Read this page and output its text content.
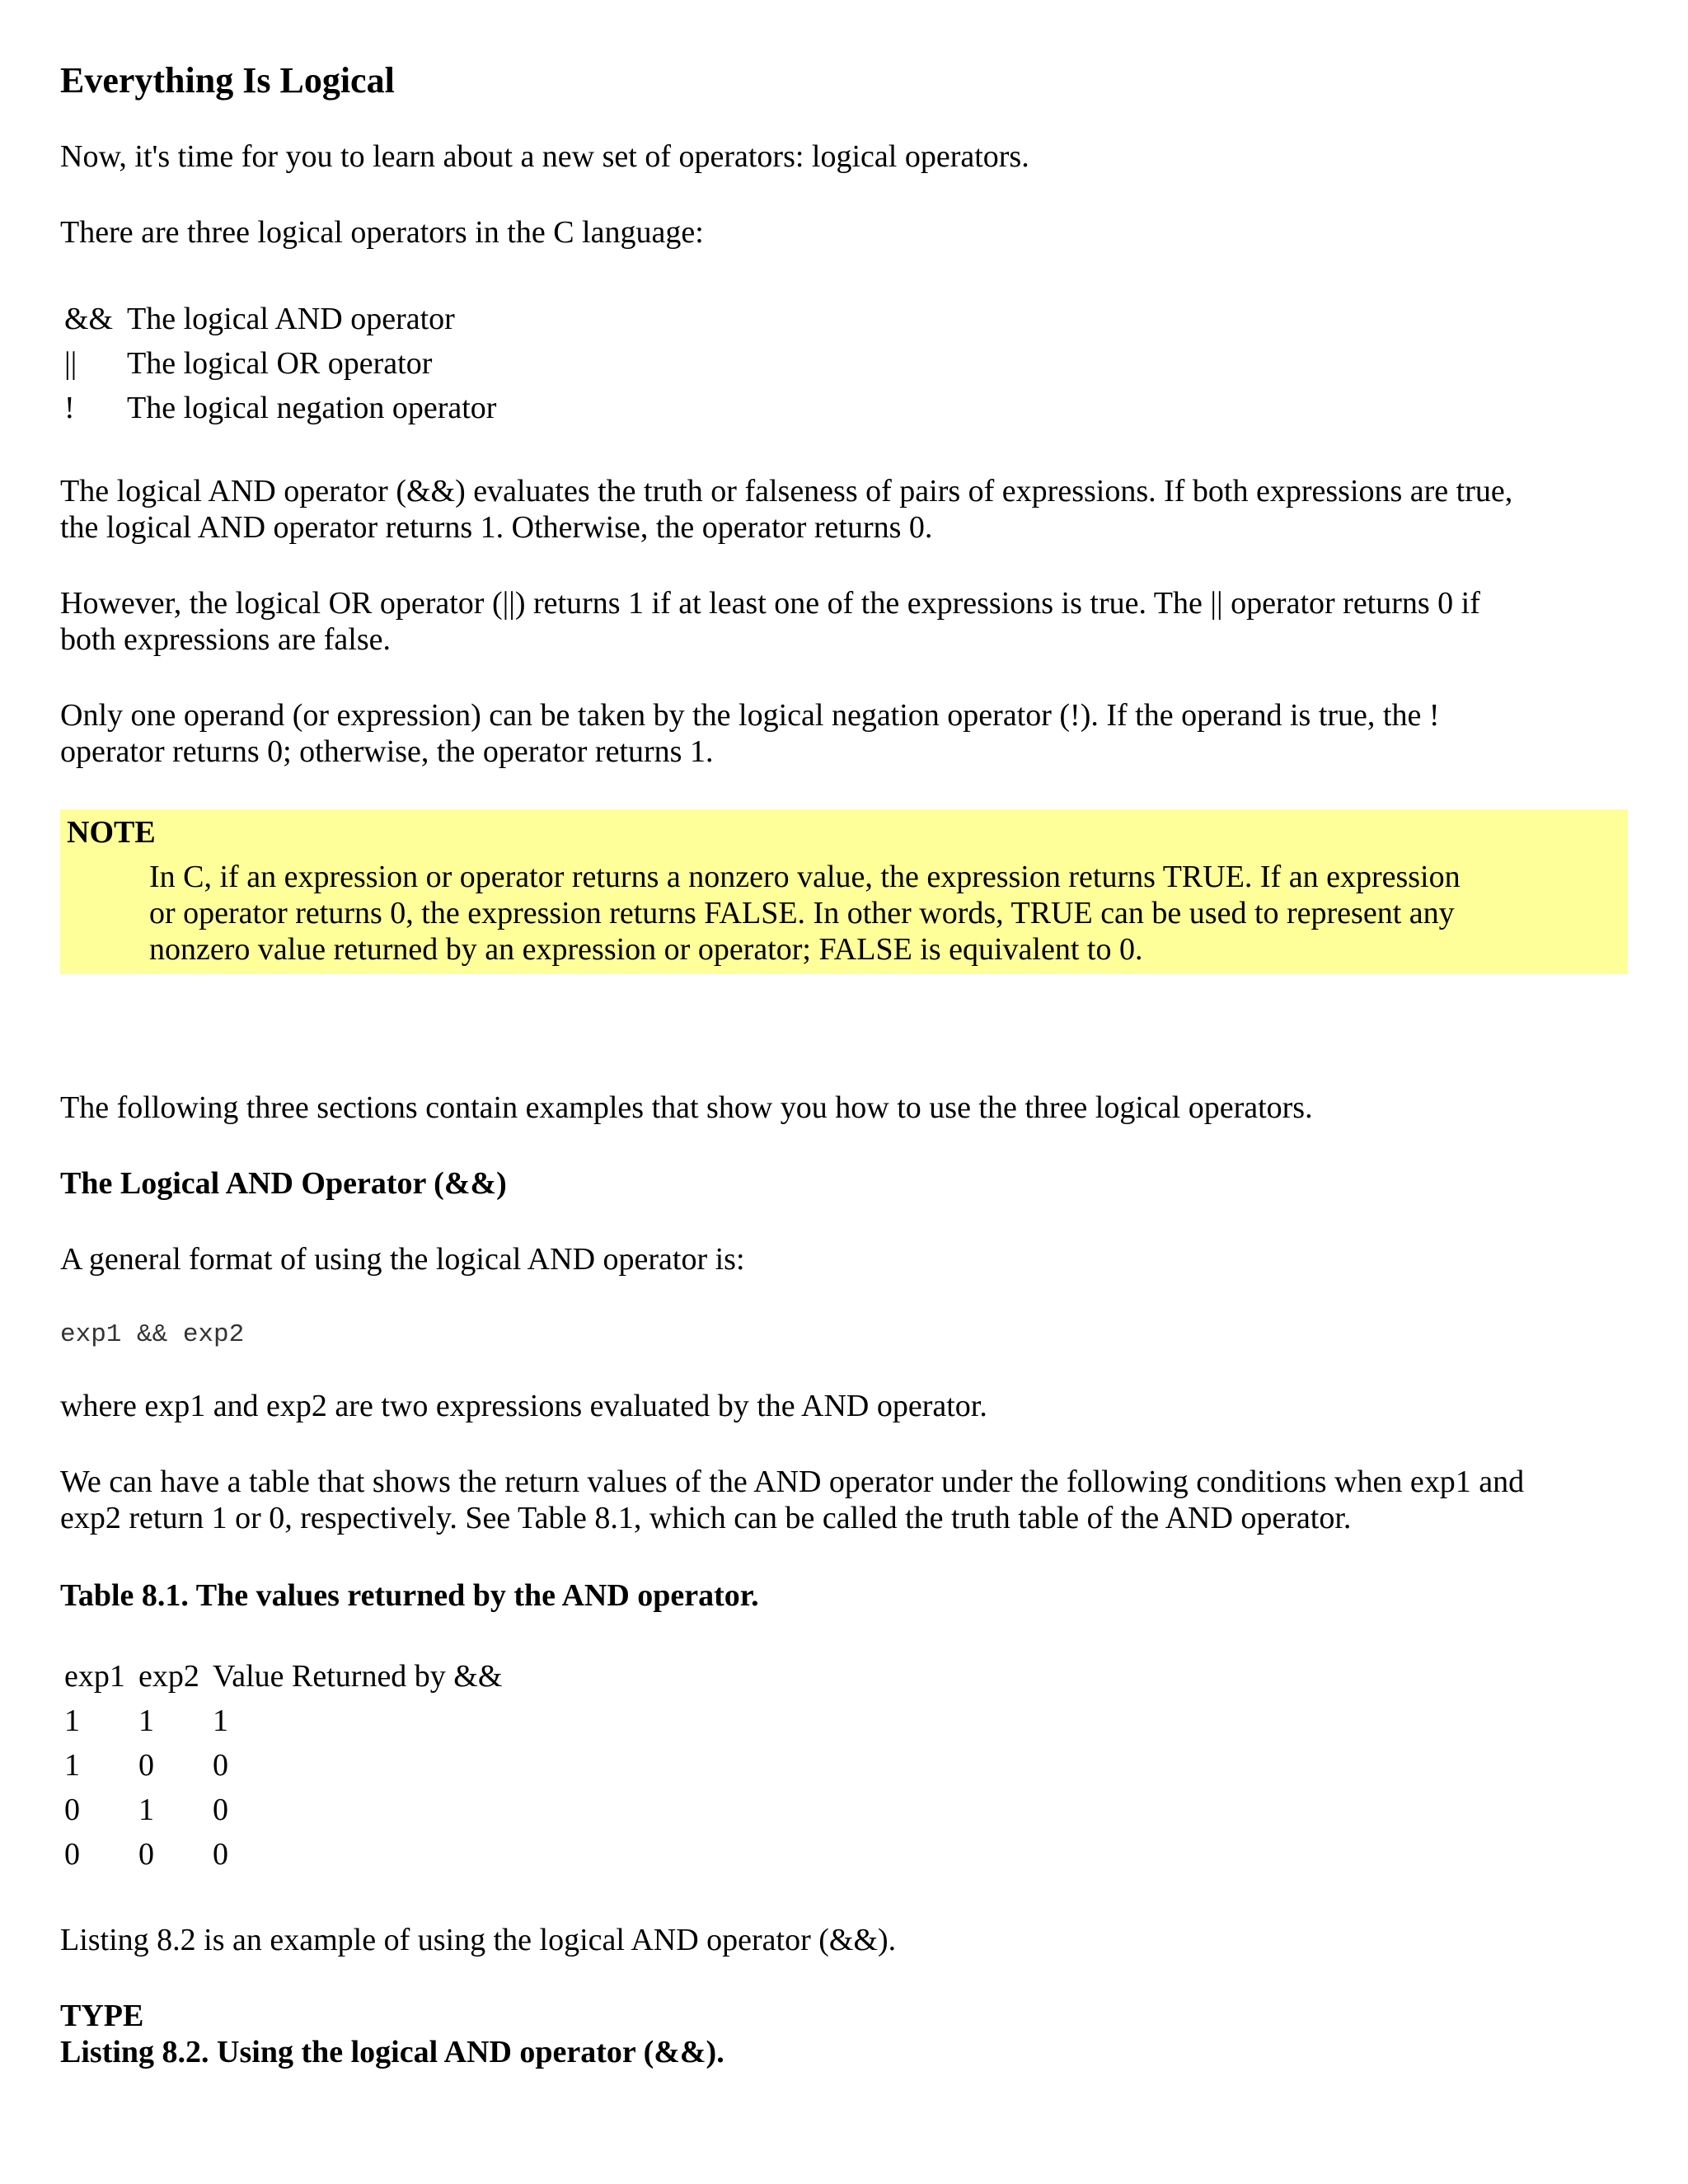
Everything Is Logical

Now, it's time for you to learn about a new set of operators: logical operators.

There are three logical operators in the C language:

&&	The logical AND operator
||	The logical OR operator
!	The logical negation operator
The logical AND operator (&&) evaluates the truth or falseness of pairs of expressions. If both expressions are true,
the logical AND operator returns 1. Otherwise, the operator returns 0.
However, the logical OR operator (||) returns 1 if at least one of the expressions is true. The || operator returns 0 if
both expressions are false.
Only one operand (or expression) can be taken by the logical negation operator (!). If the operand is true, the !
operator returns 0; otherwise, the operator returns 1.
NOTE
In C, if an expression or operator returns a nonzero value, the expression returns TRUE. If an expression
or operator returns 0, the expression returns FALSE. In other words, TRUE can be used to represent any
nonzero value returned by an expression or operator; FALSE is equivalent to 0.

The following three sections contain examples that show you how to use the three logical operators.

The Logical AND Operator (&&)

A general format of using the logical AND operator is:

exp1 && exp2

where exp1 and exp2 are two expressions evaluated by the AND operator.

We can have a table that shows the return values of the AND operator under the following conditions when exp1 and
exp2 return 1 or 0, respectively. See Table 8.1, which can be called the truth table of the AND operator.

Table 8.1. The values returned by the AND operator.

exp1	exp2	Value Returned by &&
1	1	1
1	0	0
0	1	0
0	0	0

Listing 8.2 is an example of using the logical AND operator (&&).

TYPE

Listing 8.2. Using the logical AND operator (&&).
